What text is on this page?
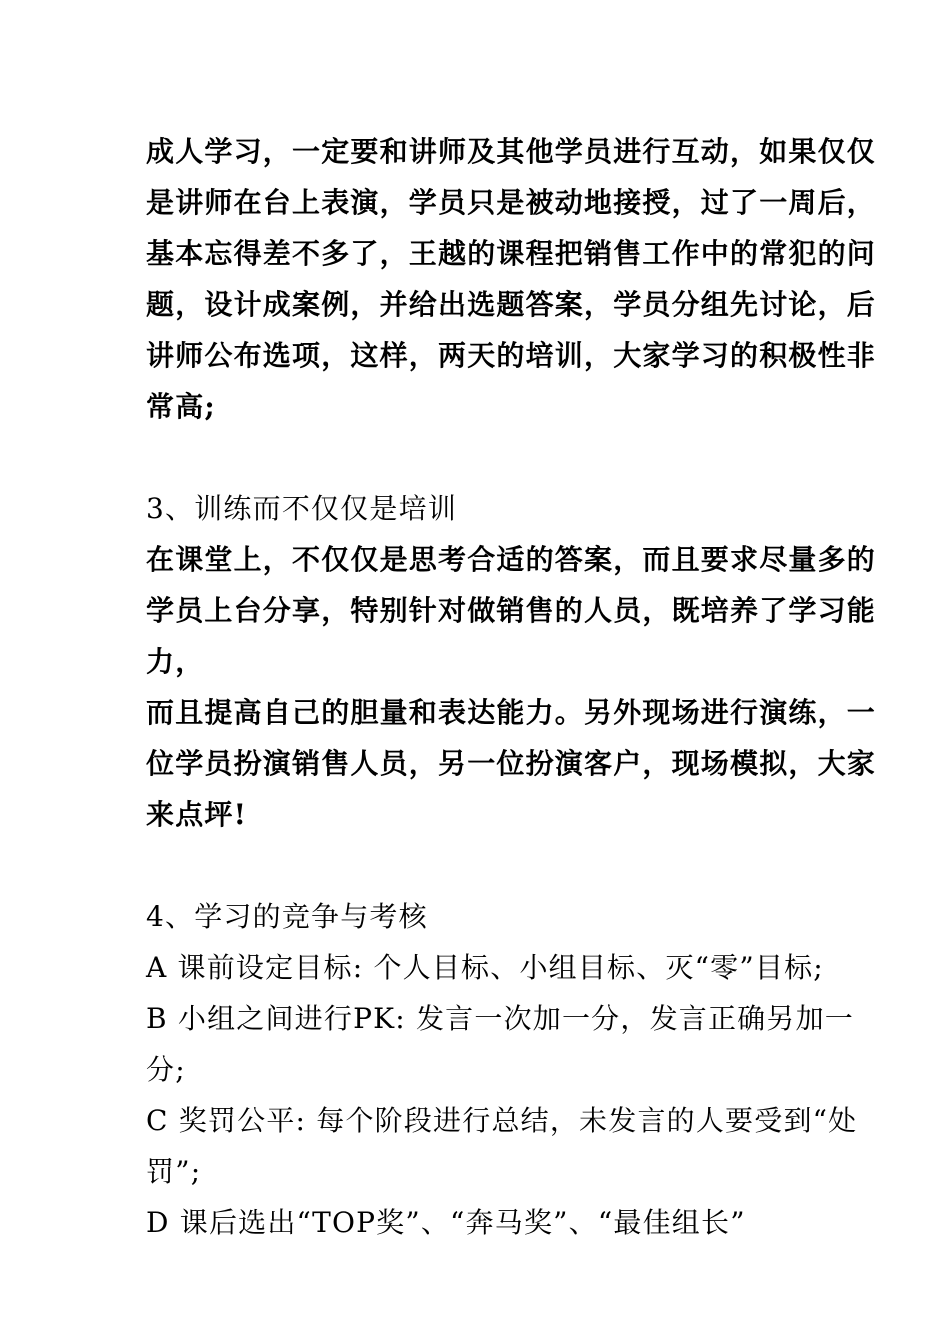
成人学习，一定要和讲师及其他学员进行互动，如果仅仅是讲师在台上表演，学员只是被动地接授，过了一周后，基本忘得差不多了，王越的课程把销售工作中的常犯的问题，设计成案例，并给出选题答案，学员分组先讨论，后讲师公布选项，这样，两天的培训，大家学习的积极性非常高;

3、训练而不仅仅是培训

在课堂上，不仅仅是思考合适的答案，而且要求尽量多的学员上台分享，特别针对做销售的人员，既培养了学习能力，

而且提高自己的胆量和表达能力。另外现场进行演练，一位学员扮演销售人员，另一位扮演客户，现场模拟，大家来点坪!

4、学习的竞争与考核

A 课前设定目标: 个人目标、小组目标、灭“零”目标;

B 小组之间进行PK: 发言一次加一分，发言正确另加一分;

C 奖罚公平: 每个阶段进行总结，未发言的人要受到“处罚”;

D 课后选出“TOP奖”、“奔马奖”、“最佳组长”
